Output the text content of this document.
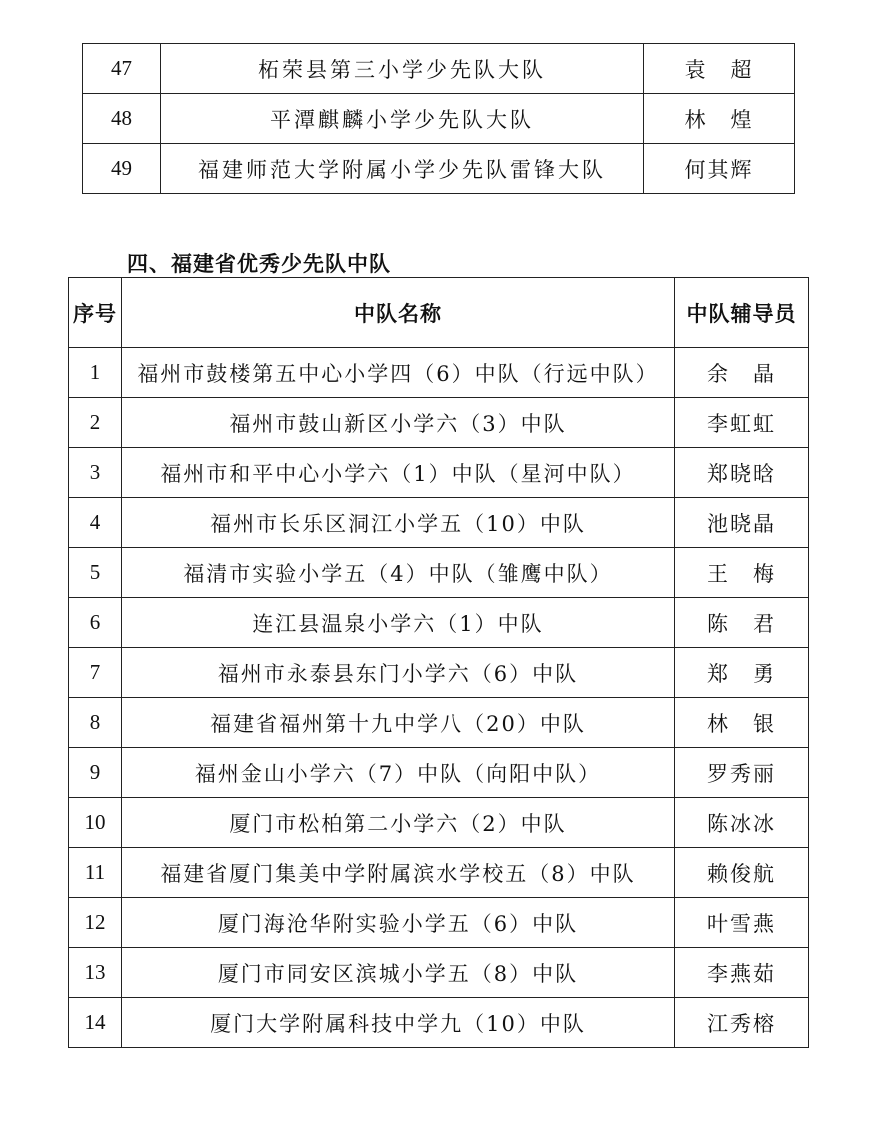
47	柘荣县第三小学少先队大队	袁　超
48	平潭麒麟小学少先队大队	林　煌
49	福建师范大学附属小学少先队雷锋大队	何其辉
四、福建省优秀少先队中队
序号	中队名称	中队辅导员
1	福州市鼓楼第五中心小学四（6）中队（行远中队）	余　晶
2	福州市鼓山新区小学六（3）中队	李虹虹
3	福州市和平中心小学六（1）中队（星河中队）	郑晓晗
4	福州市长乐区洞江小学五（10）中队	池晓晶
5	福清市实验小学五（4）中队（雏鹰中队）	王　梅
6	连江县温泉小学六（1）中队	陈　君
7	福州市永泰县东门小学六（6）中队	郑　勇
8	福建省福州第十九中学八（20）中队	林　银
9	福州金山小学六（7）中队（向阳中队）	罗秀丽
10	厦门市松柏第二小学六（2）中队	陈冰冰
11	福建省厦门集美中学附属滨水学校五（8）中队	赖俊航
12	厦门海沧华附实验小学五（6）中队	叶雪燕
13	厦门市同安区滨城小学五（8）中队	李燕茹
14	厦门大学附属科技中学九（10）中队	江秀榕
